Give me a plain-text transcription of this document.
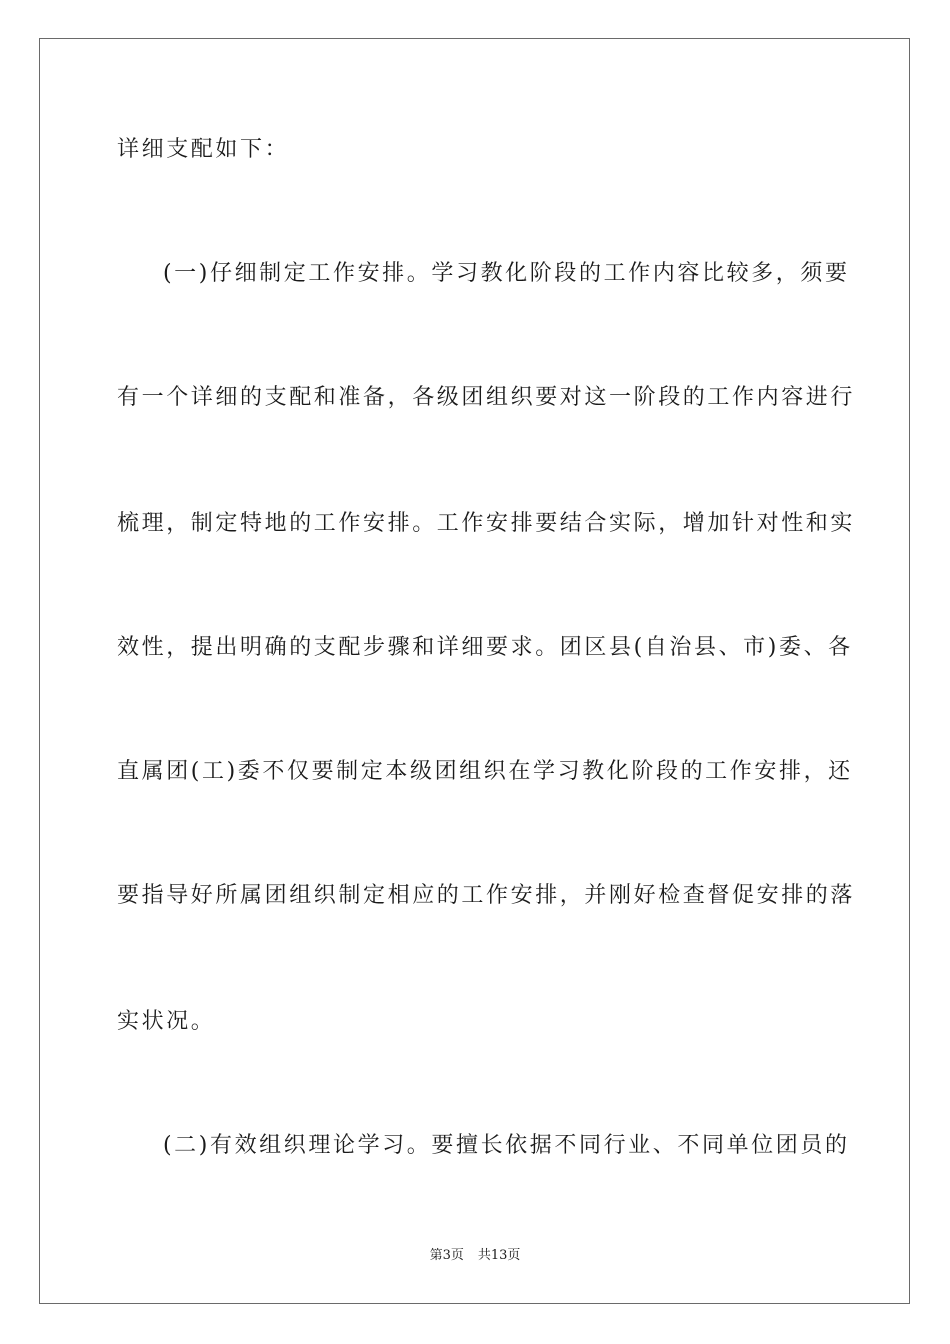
详细支配如下：
(一)仔细制定工作安排。学习教化阶段的工作内容比较多，须要
有一个详细的支配和准备，各级团组织要对这一阶段的工作内容进行
梳理，制定特地的工作安排。工作安排要结合实际，增加针对性和实
效性，提出明确的支配步骤和详细要求。团区县(自治县、市)委、各
直属团(工)委不仅要制定本级团组织在学习教化阶段的工作安排，还
要指导好所属团组织制定相应的工作安排，并刚好检查督促安排的落
实状况。
(二)有效组织理论学习。要擅长依据不同行业、不同单位团员的
第3页 共13页
